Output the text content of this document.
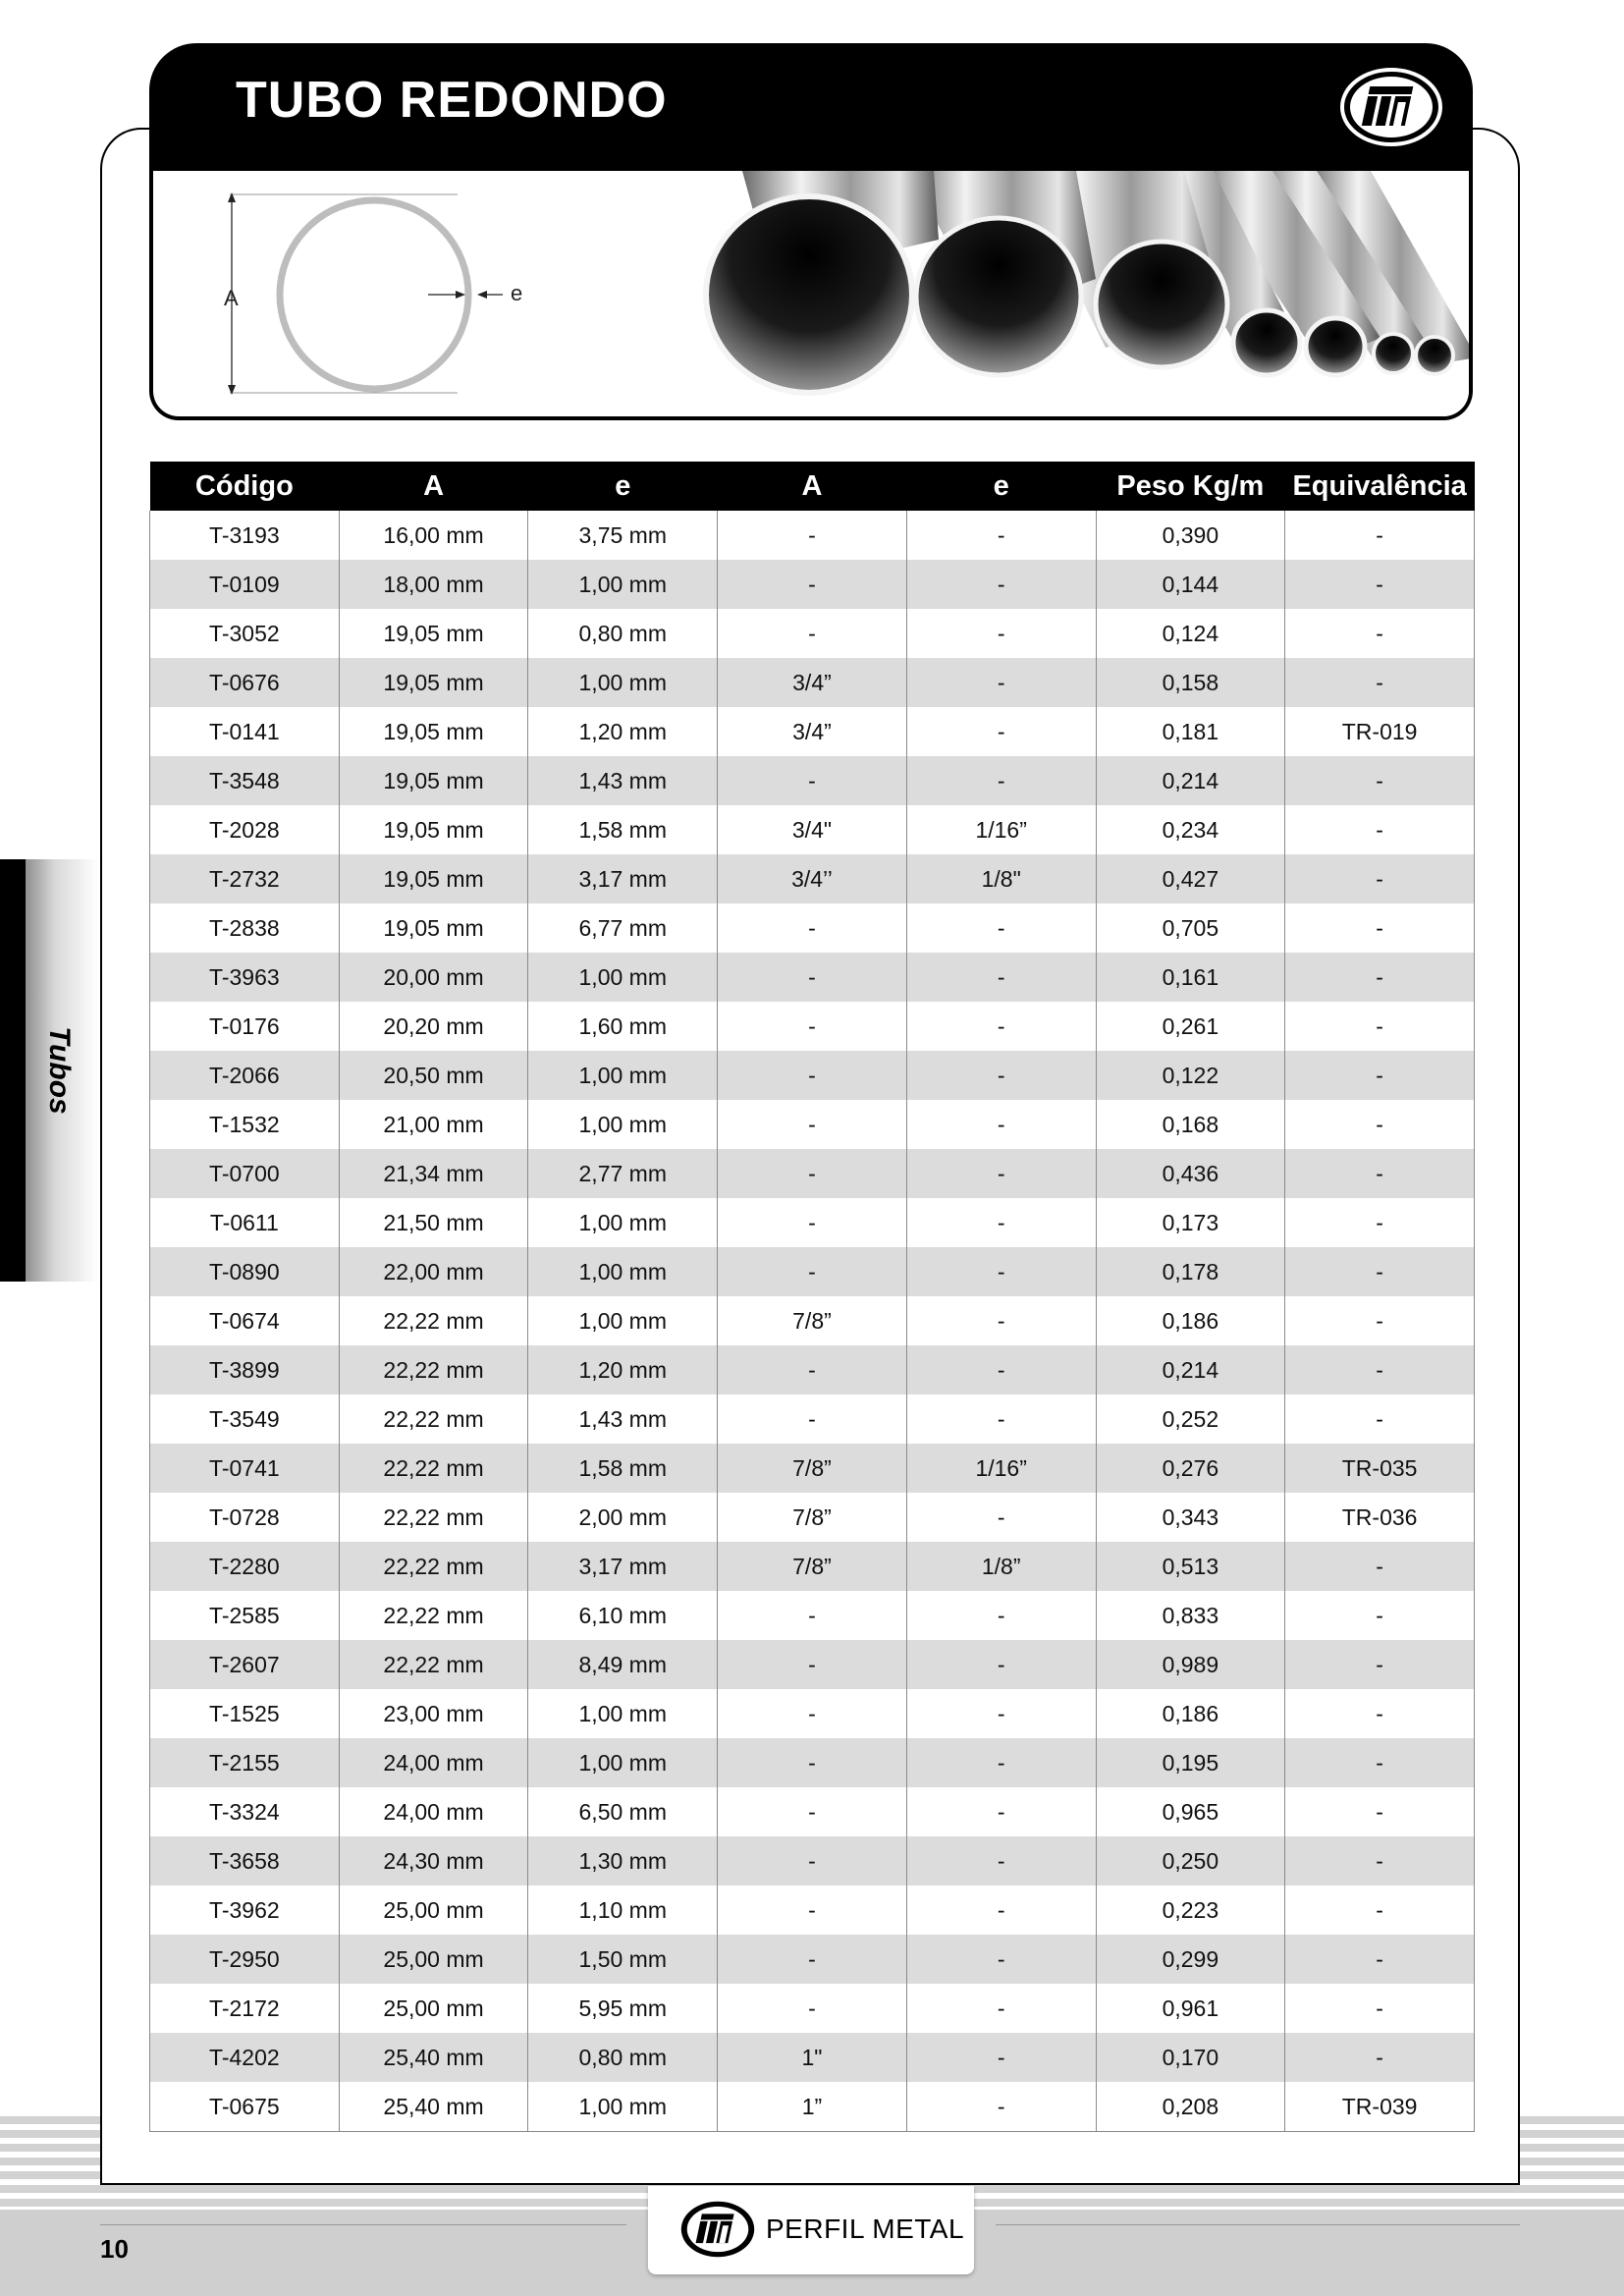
TUBO REDONDO
A	e
Tubos
Código	A	e	A	e	Peso Kg/m	Equivalência
T-3193	16,00 mm	3,75 mm	-	-	0,390	-
T-0109	18,00 mm	1,00 mm	-	-	0,144	-
T-3052	19,05 mm	0,80 mm	-	-	0,124	-
T-0676	19,05 mm	1,00 mm	3/4”	-	0,158	-
T-0141	19,05 mm	1,20 mm	3/4”	-	0,181	TR-019
T-3548	19,05 mm	1,43 mm	-	-	0,214	-
T-2028	19,05 mm	1,58 mm	3/4"	1/16”	0,234	-
T-2732	19,05 mm	3,17 mm	3/4’’	1/8"	0,427	-
T-2838	19,05 mm	6,77 mm	-	-	0,705	-
T-3963	20,00 mm	1,00 mm	-	-	0,161	-
T-0176	20,20 mm	1,60 mm	-	-	0,261	-
T-2066	20,50 mm	1,00 mm	-	-	0,122	-
T-1532	21,00 mm	1,00 mm	-	-	0,168	-
T-0700	21,34 mm	2,77 mm	-	-	0,436	-
T-0611	21,50 mm	1,00 mm	-	-	0,173	-
T-0890	22,00 mm	1,00 mm	-	-	0,178	-
T-0674	22,22 mm	1,00 mm	7/8”	-	0,186	-
T-3899	22,22 mm	1,20 mm	-	-	0,214	-
T-3549	22,22 mm	1,43 mm	-	-	0,252	-
T-0741	22,22 mm	1,58 mm	7/8”	1/16”	0,276	TR-035
T-0728	22,22 mm	2,00 mm	7/8”	-	0,343	TR-036
T-2280	22,22 mm	3,17 mm	7/8”	1/8”	0,513	-
T-2585	22,22 mm	6,10 mm	-	-	0,833	-
T-2607	22,22 mm	8,49 mm	-	-	0,989	-
T-1525	23,00 mm	1,00 mm	-	-	0,186	-
T-2155	24,00 mm	1,00 mm	-	-	0,195	-
T-3324	24,00 mm	6,50 mm	-	-	0,965	-
T-3658	24,30 mm	1,30 mm	-	-	0,250	-
T-3962	25,00 mm	1,10 mm	-	-	0,223	-
T-2950	25,00 mm	1,50 mm	-	-	0,299	-
T-2172	25,00 mm	5,95 mm	-	-	0,961	-
T-4202	25,40 mm	0,80 mm	1"	-	0,170	-
T-0675	25,40 mm	1,00 mm	1”	-	0,208	TR-039
PERFIL METAL
10
